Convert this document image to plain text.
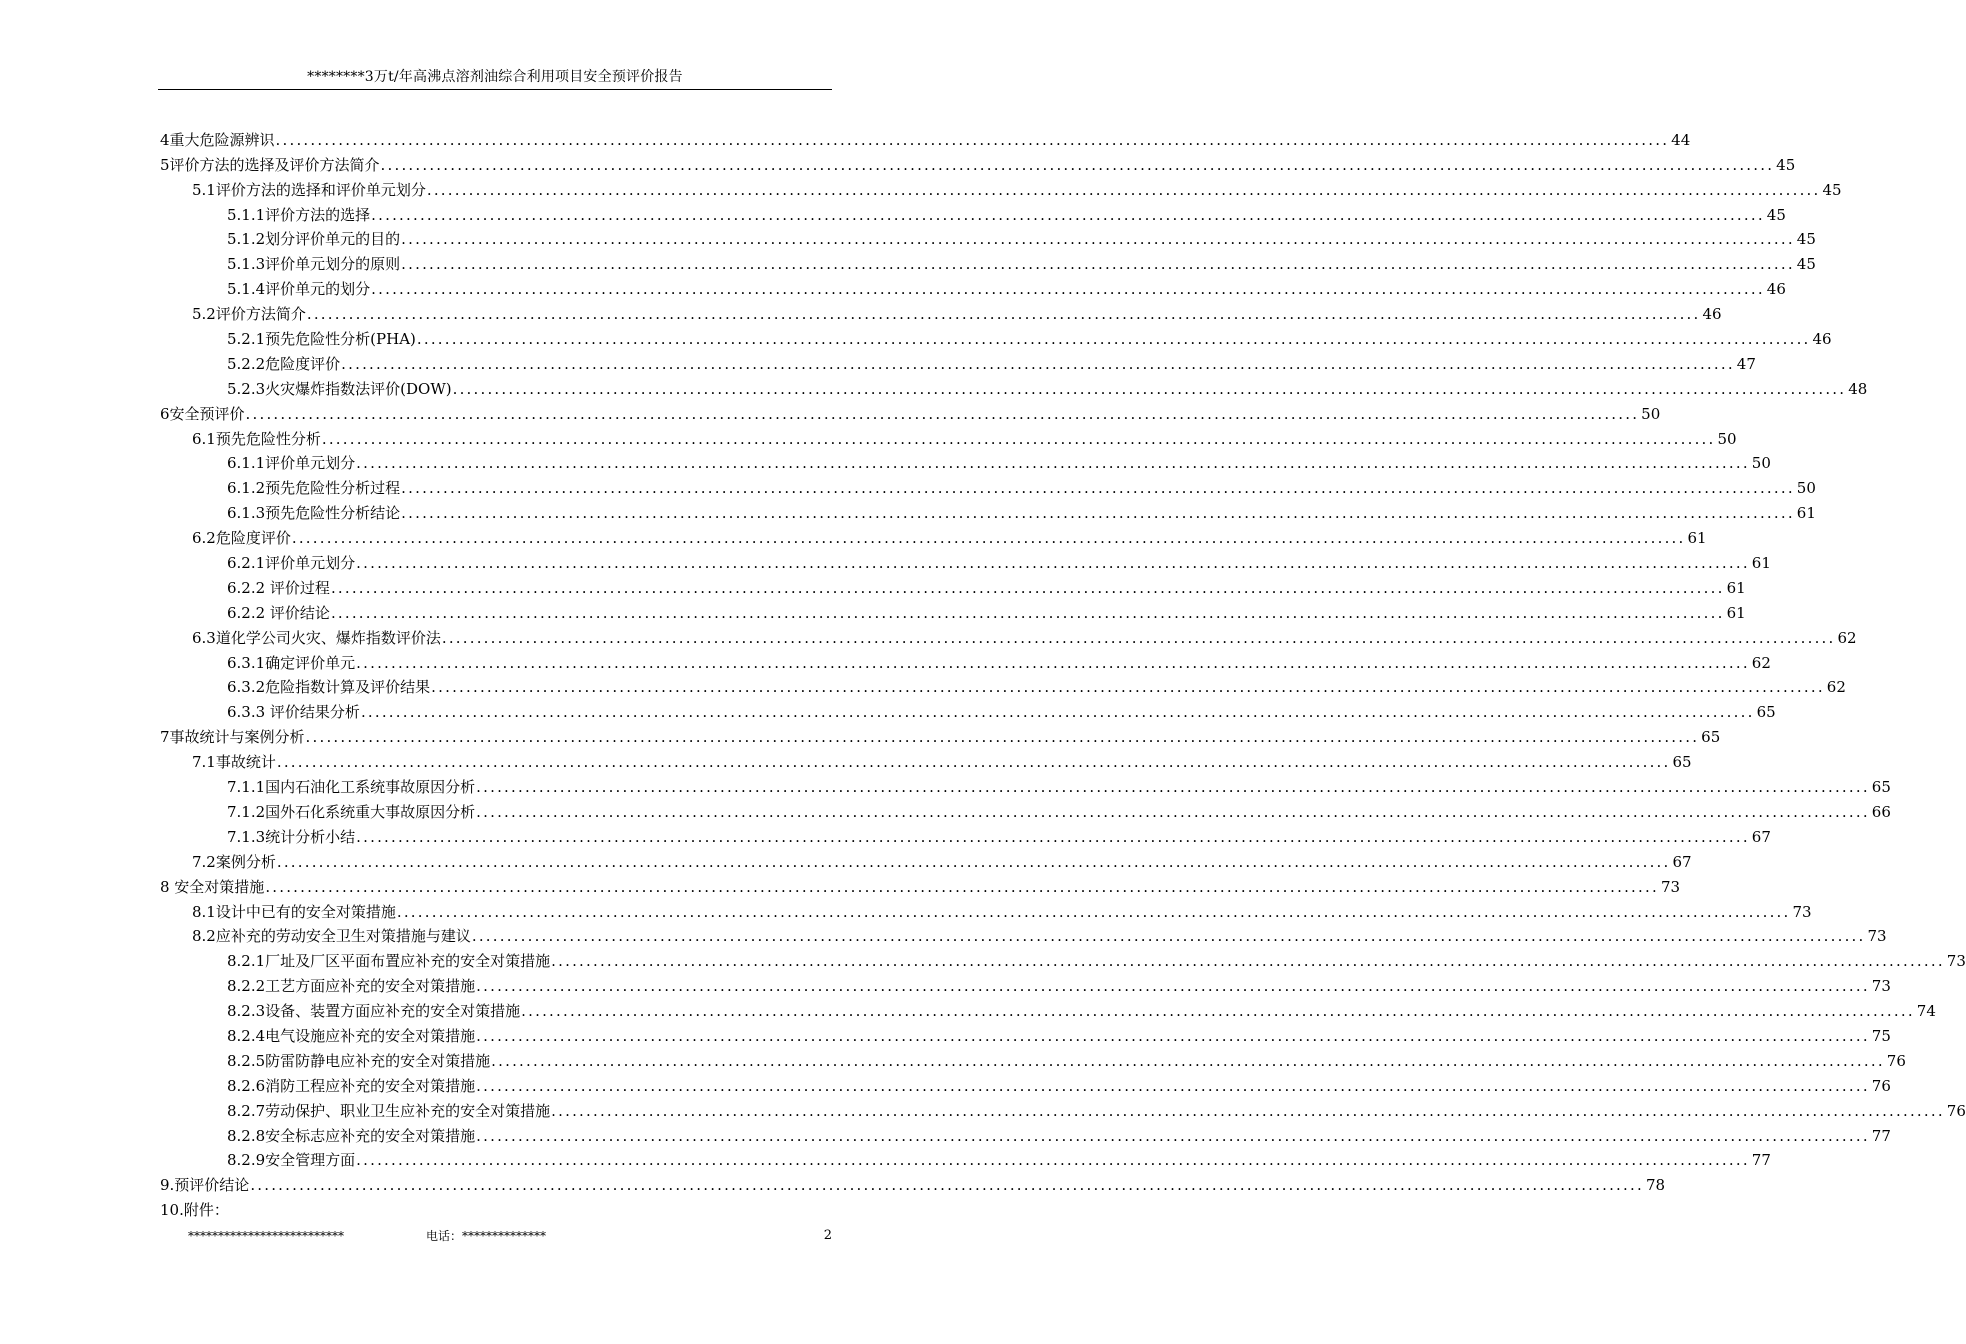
********3万t/年高沸点溶剂油综合利用项目安全预评价报告
4重大危险源辨识 ........................................................................................................................................................................................................ 44
5评价方法的选择及评价方法简介 ........................................................................................................................................................................................................ 45
5.1评价方法的选择和评价单元划分 ........................................................................................................................................................................................................ 45
5.1.1评价方法的选择 ........................................................................................................................................................................................................ 45
5.1.2划分评价单元的目的 ........................................................................................................................................................................................................ 45
5.1.3评价单元划分的原则 ........................................................................................................................................................................................................ 45
5.1.4评价单元的划分 ........................................................................................................................................................................................................ 46
5.2评价方法简介 ........................................................................................................................................................................................................ 46
5.2.1预先危险性分析(PHA) ........................................................................................................................................................................................................ 46
5.2.2危险度评价 ........................................................................................................................................................................................................ 47
5.2.3火灾爆炸指数法评价(DOW) ........................................................................................................................................................................................................ 48
6安全预评价 ........................................................................................................................................................................................................ 50
6.1预先危险性分析 ........................................................................................................................................................................................................ 50
6.1.1评价单元划分 ........................................................................................................................................................................................................ 50
6.1.2预先危险性分析过程 ........................................................................................................................................................................................................ 50
6.1.3预先危险性分析结论 ........................................................................................................................................................................................................ 61
6.2危险度评价 ........................................................................................................................................................................................................ 61
6.2.1评价单元划分 ........................................................................................................................................................................................................ 61
6.2.2 评价过程 ........................................................................................................................................................................................................ 61
6.2.2 评价结论 ........................................................................................................................................................................................................ 61
6.3道化学公司火灾、爆炸指数评价法 ........................................................................................................................................................................................................ 62
6.3.1确定评价单元 ........................................................................................................................................................................................................ 62
6.3.2危险指数计算及评价结果 ........................................................................................................................................................................................................ 62
6.3.3 评价结果分析 ........................................................................................................................................................................................................ 65
7事故统计与案例分析 ........................................................................................................................................................................................................ 65
7.1事故统计 ........................................................................................................................................................................................................ 65
7.1.1国内石油化工系统事故原因分析 ........................................................................................................................................................................................................ 65
7.1.2国外石化系统重大事故原因分析 ........................................................................................................................................................................................................ 66
7.1.3统计分析小结 ........................................................................................................................................................................................................ 67
7.2案例分析 ........................................................................................................................................................................................................ 67
8 安全对策措施 ........................................................................................................................................................................................................ 73
8.1设计中已有的安全对策措施 ........................................................................................................................................................................................................ 73
8.2应补充的劳动安全卫生对策措施与建议 ........................................................................................................................................................................................................ 73
8.2.1厂址及厂区平面布置应补充的安全对策措施 ........................................................................................................................................................................................................ 73
8.2.2工艺方面应补充的安全对策措施 ........................................................................................................................................................................................................ 73
8.2.3设备、装置方面应补充的安全对策措施 ........................................................................................................................................................................................................ 74
8.2.4电气设施应补充的安全对策措施 ........................................................................................................................................................................................................ 75
8.2.5防雷防静电应补充的安全对策措施 ........................................................................................................................................................................................................ 76
8.2.6消防工程应补充的安全对策措施 ........................................................................................................................................................................................................ 76
8.2.7劳动保护、职业卫生应补充的安全对策措施 ........................................................................................................................................................................................................ 76
8.2.8安全标志应补充的安全对策措施 ........................................................................................................................................................................................................ 77
8.2.9安全管理方面 ........................................................................................................................................................................................................ 77
9.预评价结论 ........................................................................................................................................................................................................ 78
10.附件：
**************************	电话：**************	2
